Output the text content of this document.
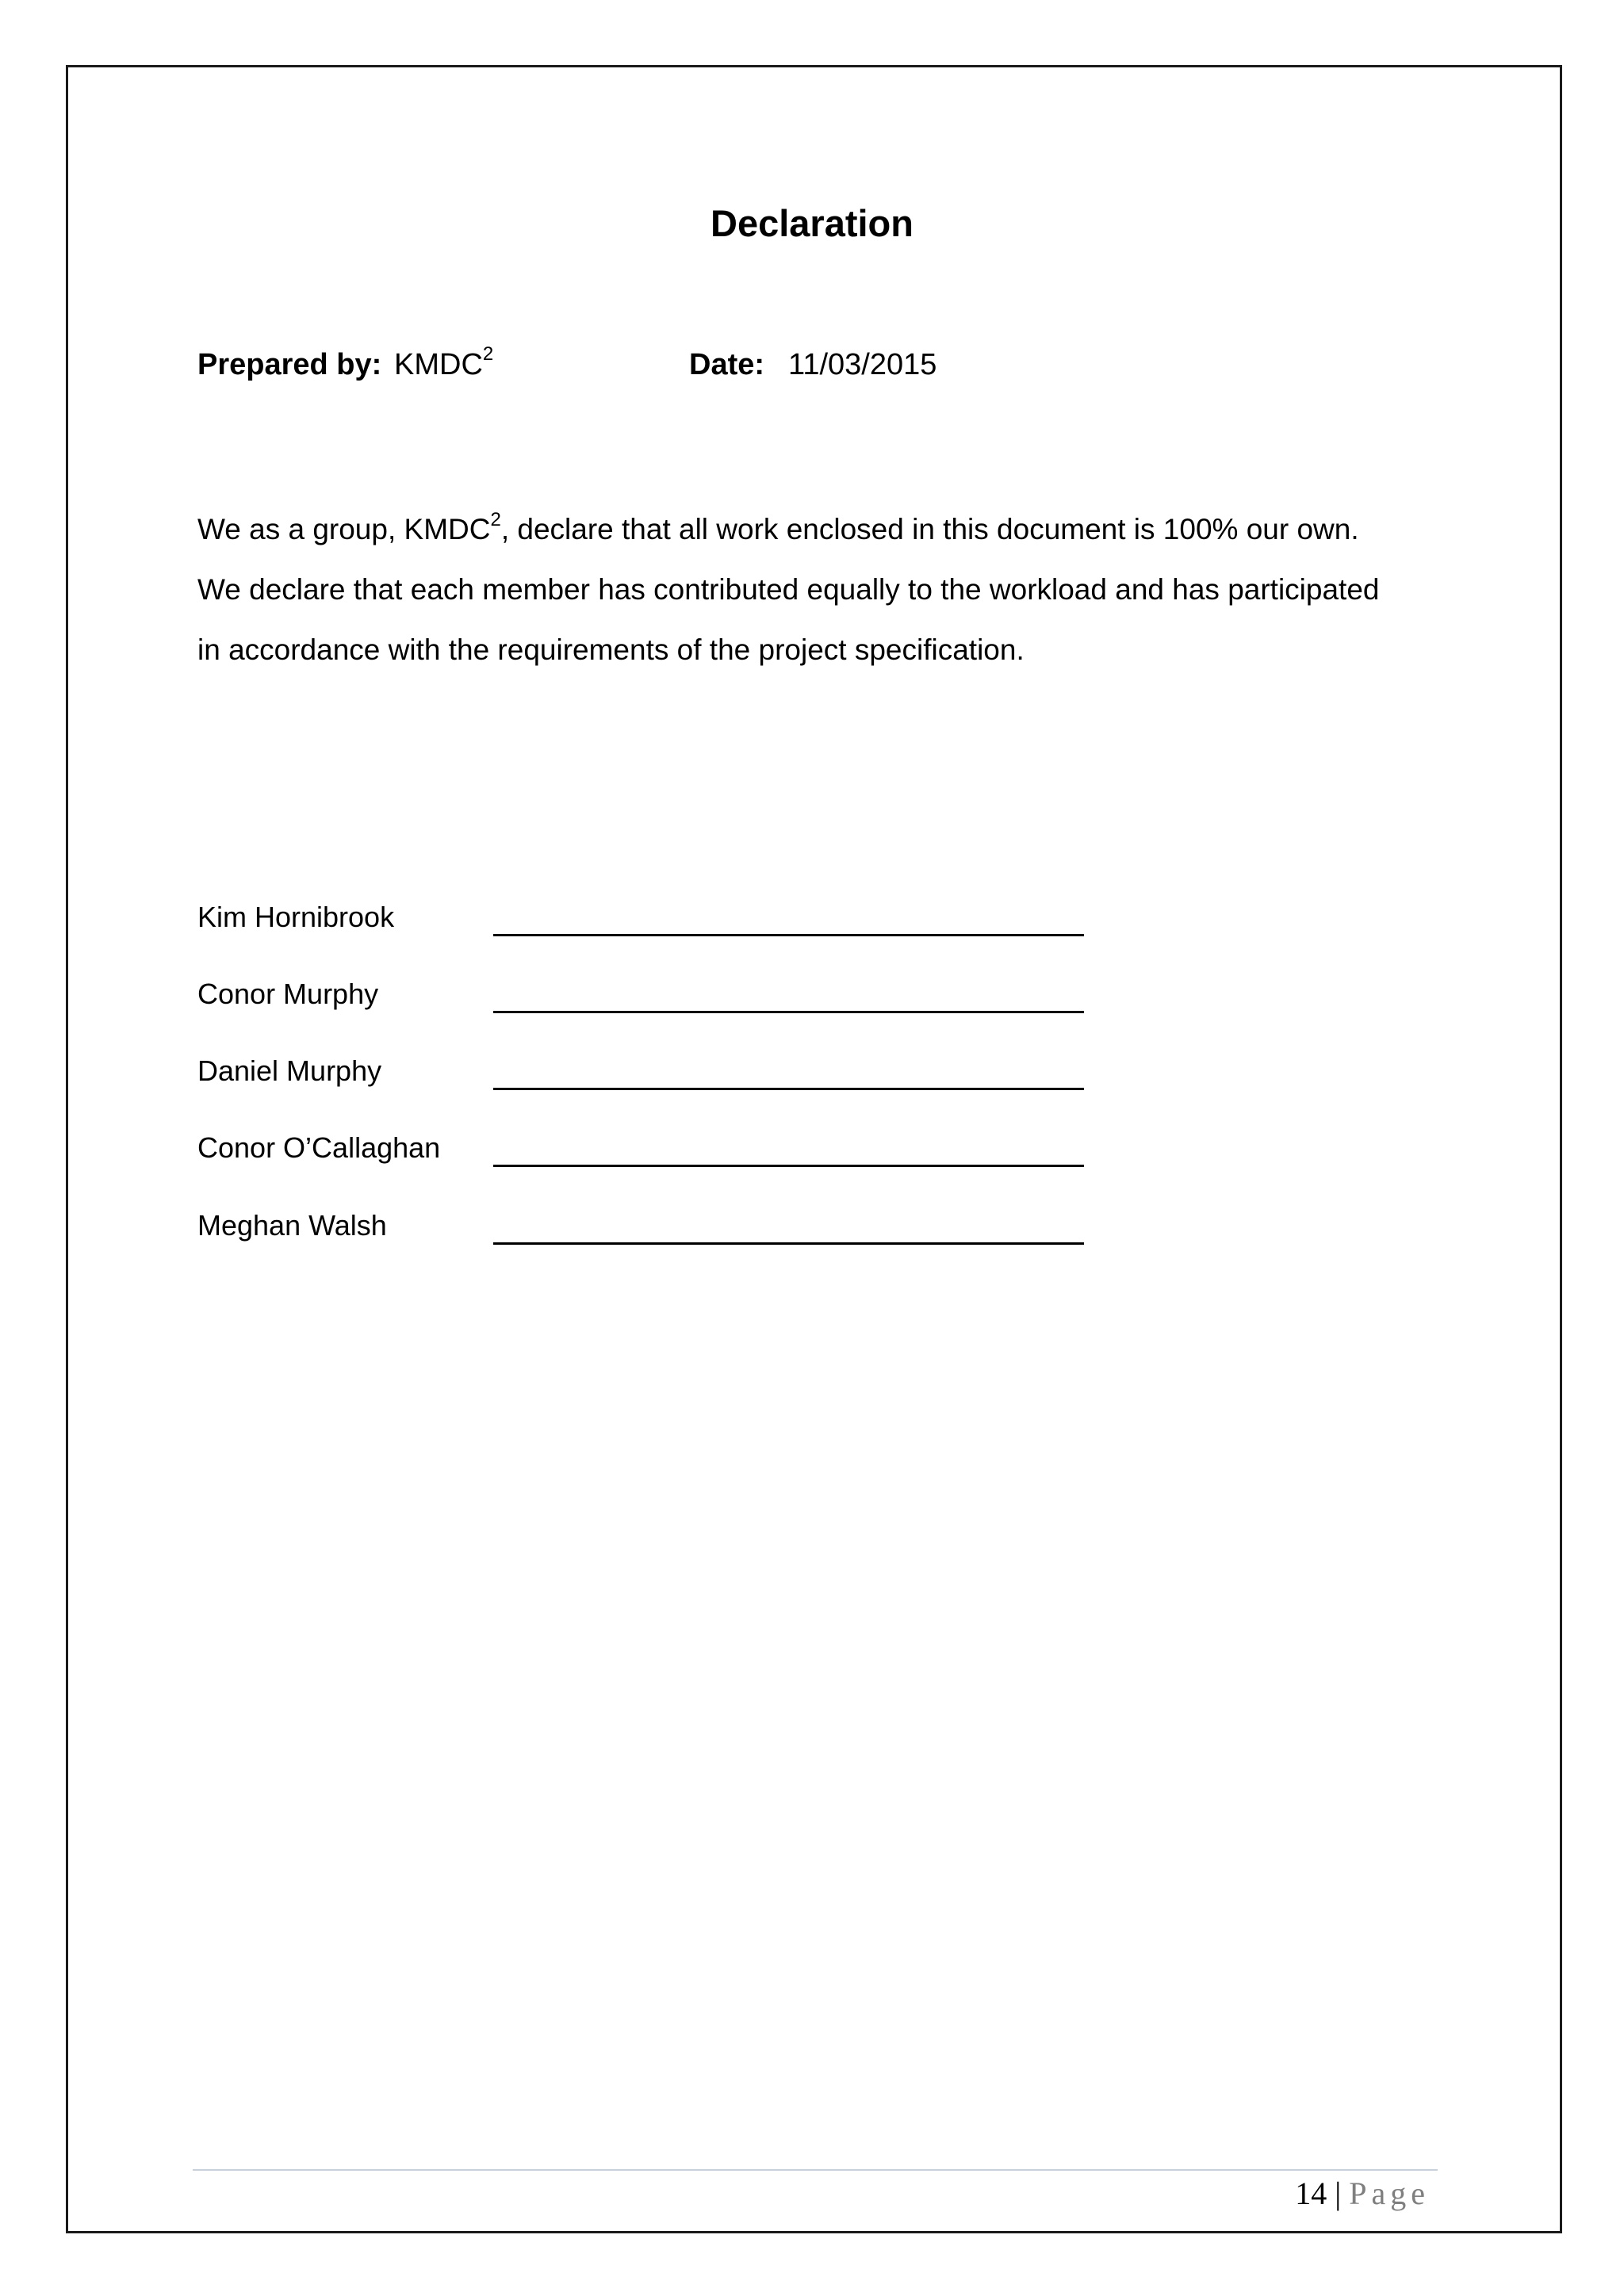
Declaration
Prepared by: KMDC$^2$	Date: 11/03/2015
We as a group, KMDC$^2$, declare that all work enclosed in this document is 100% our own.
We declare that each member has contributed equally to the workload and has participated
in accordance with the requirements of the project specification.
Kim Hornibrook
Conor Murphy
Daniel Murphy
Conor O’Callaghan
Meghan Walsh
14 | Page
